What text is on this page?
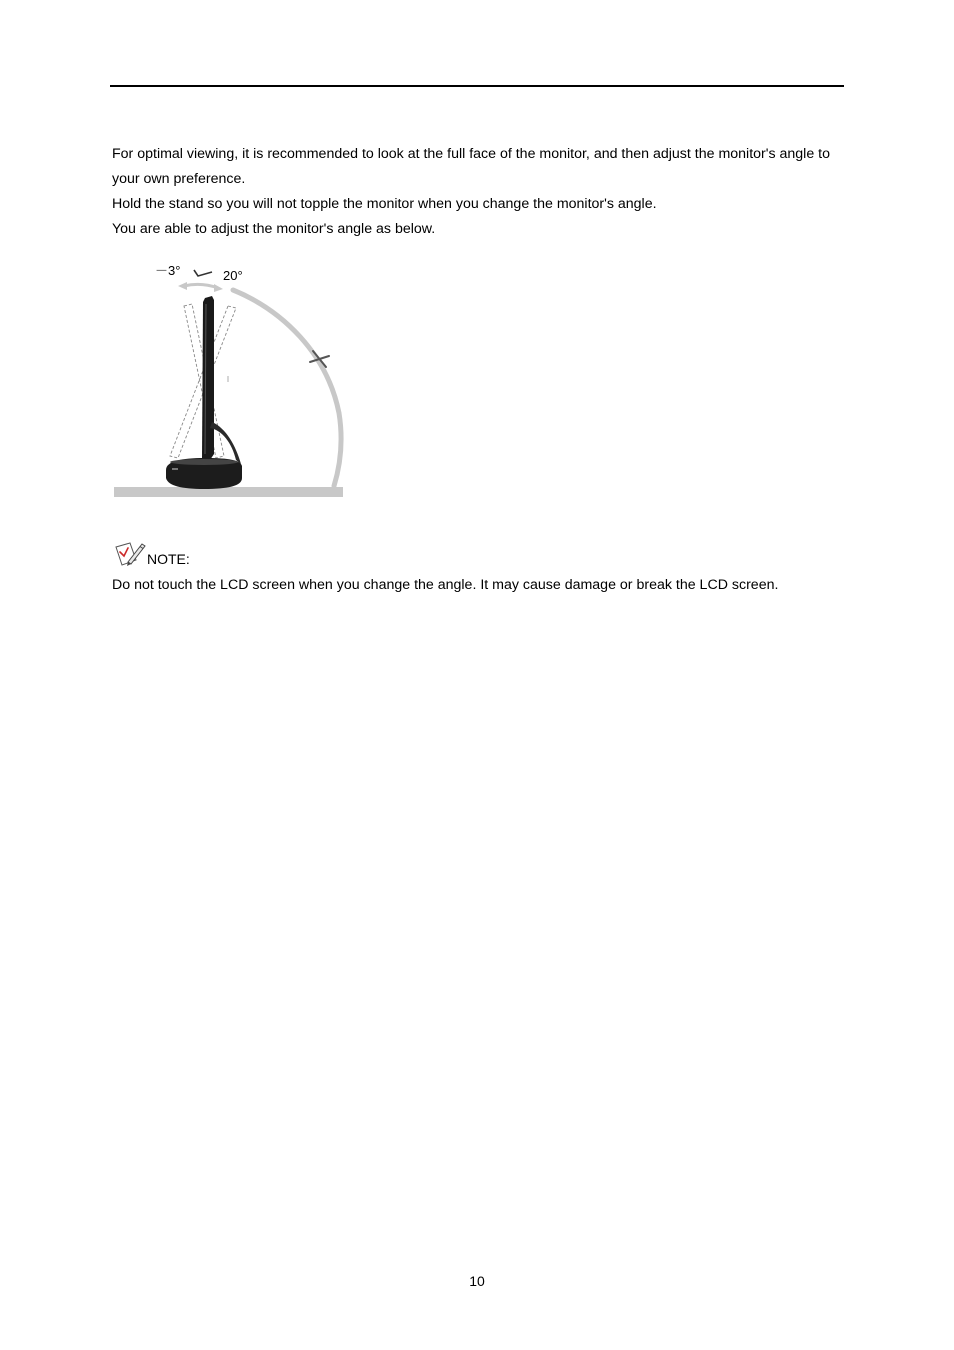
For optimal viewing, it is recommended to look at the full face of the monitor, and then adjust the monitor's angle to your own preference.

Hold the stand so you will not topple the monitor when you change the monitor's angle.

You are able to adjust the monitor's angle as below.

－3°	20°
NOTE:

Do not touch the LCD screen when you change the angle. It may cause damage or break the LCD screen.

10
